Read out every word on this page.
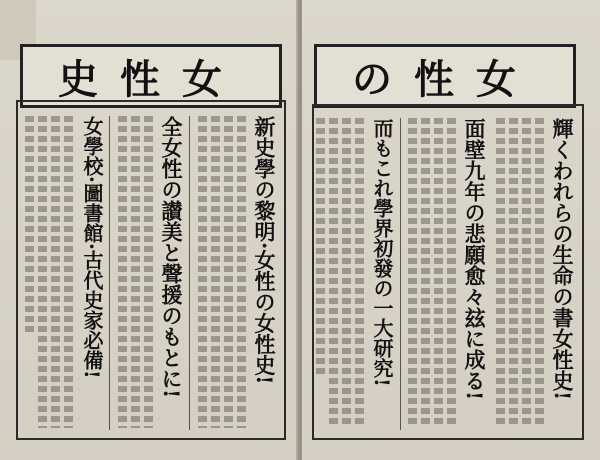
史性女
新史學の黎明·女性の女性史!
全女性の讃美と聲援のもとに!
女學校·圖書館·古代史家必備!
の性女
輝くわれらの生命の書女性史!
面壁九年の悲願愈々玆に成る!
而もこれ學界初發の一大研究!
